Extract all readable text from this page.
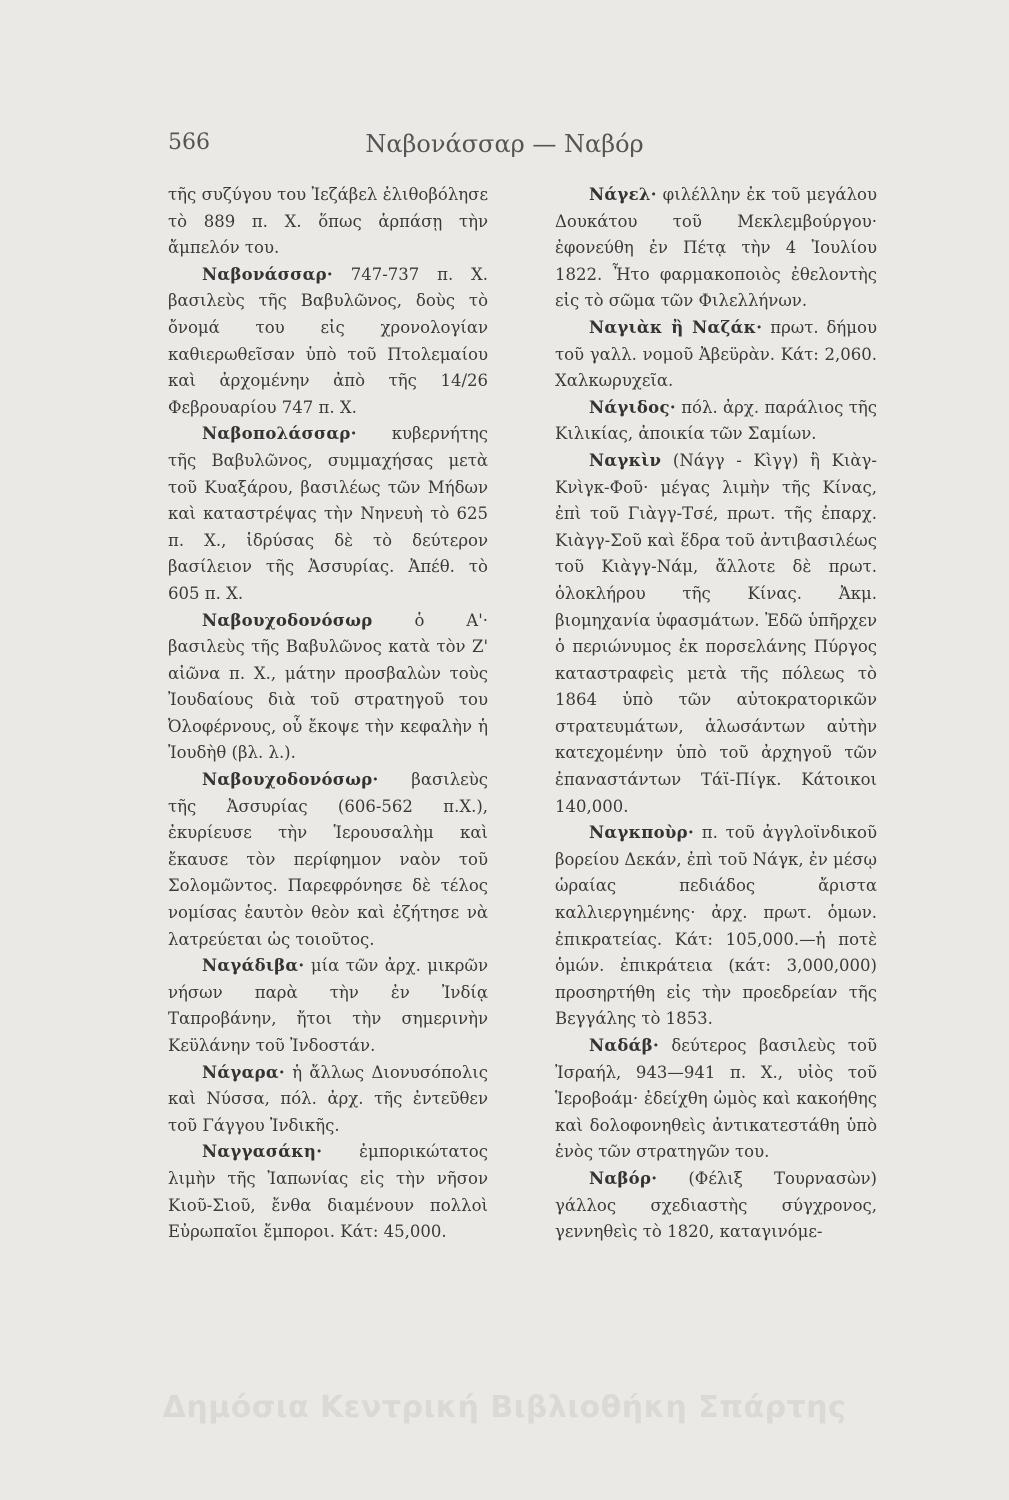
566	Ναβονάσσαρ — Ναβόρ

τῆς συζύγου του Ἰεζάβελ ἐλιθοβόλησε τὸ 889 π. Χ. ὅπως ἁρπάσῃ τὴν ἄμπελόν του.

Ναβονάσσαρ· 747-737 π. Χ. βασιλεὺς τῆς Βαβυλῶνος, δοὺς τὸ ὄνομά του εἰς χρονολογίαν καθιερωθεῖσαν ὑπὸ τοῦ Πτολεμαίου καὶ ἀρχομένην ἀπὸ τῆς 14/26 Φεβρουαρίου 747 π. Χ.

Ναβοπολάσσαρ· κυβερνήτης τῆς Βαβυλῶνος, συμμαχήσας μετὰ τοῦ Κυαξάρου, βασιλέως τῶν Μήδων καὶ καταστρέψας τὴν Νηνευὴ τὸ 625 π. Χ., ἱδρύσας δὲ τὸ δεύτερον βασίλειον τῆς Ἀσσυρίας. Ἀπέθ. τὸ 605 π. Χ.

Ναβουχοδονόσωρ ὁ Α'· βασιλεὺς τῆς Βαβυλῶνος κατὰ τὸν Ζ' αἰῶνα π. Χ., μάτην προσβαλὼν τοὺς Ἰουδαίους διὰ τοῦ στρατηγοῦ του Ὀλοφέρνους, οὗ ἔκοψε τὴν κεφαλὴν ἡ Ἰουδὴθ (βλ. λ.).

Ναβουχοδονόσωρ· βασιλεὺς τῆς Ἀσσυρίας (606-562 π.Χ.), ἐκυρίευσε τὴν Ἱερουσαλὴμ καὶ ἔκαυσε τὸν περίφημον ναὸν τοῦ Σολομῶντος. Παρεφρόνησε δὲ τέλος νομίσας ἑαυτὸν θεὸν καὶ ἐζήτησε νὰ λατρεύεται ὡς τοιοῦτος.

Ναγάδιβα· μία τῶν ἀρχ. μικρῶν νήσων παρὰ τὴν ἐν Ἰνδίᾳ Ταπροβάνην, ἤτοι τὴν σημερινὴν Κεϋλάνην τοῦ Ἰνδοστάν.

Νάγαρα· ἡ ἄλλως Διονυσόπολις καὶ Νύσσα, πόλ. ἀρχ. τῆς ἐντεῦθεν τοῦ Γάγγου Ἰνδικῆς.

Ναγγασάκη· ἐμπορικώτατος λιμὴν τῆς Ἰαπωνίας εἰς τὴν νῆσον Κιοῦ-Σιοῦ, ἔνθα διαμένουν πολλοὶ Εὐρωπαῖοι ἔμποροι. Κάτ: 45,000.

Νάγελ· φιλέλλην ἐκ τοῦ μεγάλου Δουκάτου τοῦ Μεκλεμβούργου· ἐφονεύθη ἐν Πέτᾳ τὴν 4 Ἰουλίου 1822. Ἦτο φαρμακοποιὸς ἐθελοντὴς εἰς τὸ σῶμα τῶν Φιλελλήνων.

Ναγιὰκ ἢ Ναζάκ· πρωτ. δήμου τοῦ γαλλ. νομοῦ Ἀβεϋρὰν. Κάτ: 2,060. Χαλκωρυχεῖα.

Νάγιδος· πόλ. ἀρχ. παράλιος τῆς Κιλικίας, ἀποικία τῶν Σαμίων.

Ναγκὶν (Νάγγ - Κὶγγ) ἢ Κιὰγ-Κνὶγκ-Φοῦ· μέγας λιμὴν τῆς Κίνας, ἐπὶ τοῦ Γιὰγγ-Τσέ, πρωτ. τῆς ἐπαρχ. Κιὰγγ-Σοῦ καὶ ἕδρα τοῦ ἀντιβασιλέως τοῦ Κιὰγγ-Νάμ, ἄλλοτε δὲ πρωτ. ὁλοκλήρου τῆς Κίνας. Ἀκμ. βιομηχανία ὑφασμάτων. Ἐδῶ ὑπῆρχεν ὁ περιώνυμος ἐκ πορσελάνης Πύργος καταστραφεὶς μετὰ τῆς πόλεως τὸ 1864 ὑπὸ τῶν αὐτοκρατορικῶν στρατευμάτων, ἁλωσάντων αὐτὴν κατεχομένην ὑπὸ τοῦ ἀρχηγοῦ τῶν ἐπαναστάντων Τάϊ-Πίγκ. Κάτοικοι 140,000.

Ναγκποὺρ· π. τοῦ ἀγγλοϊνδικοῦ βορείου Δεκάν, ἐπὶ τοῦ Νάγκ, ἐν μέσῳ ὡραίας πεδιάδος ἄριστα καλλιεργημένης· ἀρχ. πρωτ. ὁμων. ἐπικρατείας. Κάτ: 105,000.—ἡ ποτὲ ὁμών. ἐπικράτεια (κάτ: 3,000,000) προσηρτήθη εἰς τὴν προεδρείαν τῆς Βεγγάλης τὸ 1853.

Ναδάβ· δεύτερος βασιλεὺς τοῦ Ἰσραήλ, 943—941 π. Χ., υἱὸς τοῦ Ἱεροβοάμ· ἐδείχθη ὠμὸς καὶ κακοήθης καὶ δολοφονηθεὶς ἀντικατεστάθη ὑπὸ ἑνὸς τῶν στρατηγῶν του.

Ναβόρ· (Φέλιξ Τουρνασὼν) γάλλος σχεδιαστὴς σύγχρονος, γεννηθεὶς τὸ 1820, καταγινόμε-

Δημόσια Κεντρική Βιβλιοθήκη Σπάρτης
